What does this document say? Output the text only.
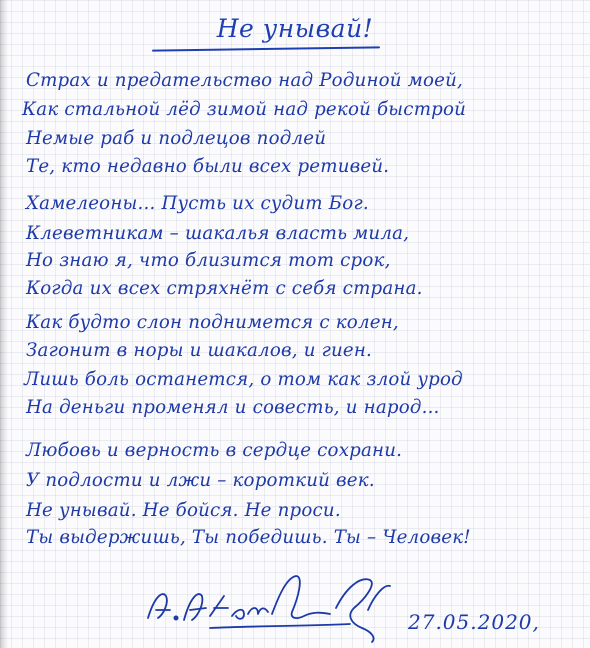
Не унывай!
Страх и предательство над Родиной моей,
Как стальной лёд зимой над рекой быстрой
Немые раб и подлецов подлей
Те, кто недавно были всех ретивей.
Хамелеоны... Пусть их судит Бог.
Клеветникам – шакалья власть мила,
Но знаю я, что близится тот срок,
Когда их всех стряхнёт с себя страна.
Как будто слон поднимется с колен,
Загонит в норы и шакалов, и гиен.
Лишь боль останется, о том как злой урод
На деньги променял и совесть, и народ...
Любовь и верность в сердце сохрани.
У подлости и лжи – короткий век.
Не унывай. Не бойся. Не проси.
Ты выдержишь, Ты победишь. Ты – Человек!
27.05.2020,
